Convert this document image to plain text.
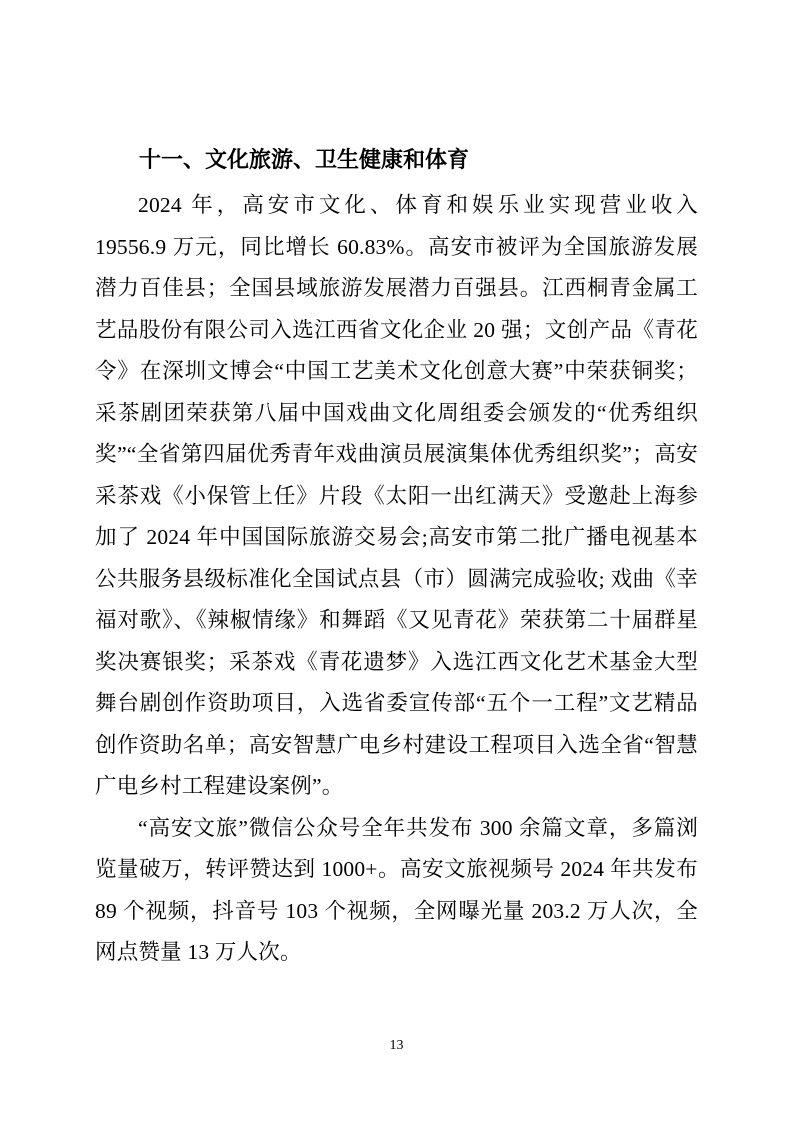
十一、文化旅游、卫生健康和体育

2024 年，高安市文化、体育和娱乐业实现营业收入 19556.9 万元，同比增长 60.83%。高安市被评为全国旅游发展潜力百佳县；全国县域旅游发展潜力百强县。江西桐青金属工艺品股份有限公司入选江西省文化企业 20 强；文创产品《青花令》在深圳文博会“中国工艺美术文化创意大赛”中荣获铜奖；采茶剧团荣获第八届中国戏曲文化周组委会颁发的“优秀组织奖”“全省第四届优秀青年戏曲演员展演集体优秀组织奖”；高安采茶戏《小保管上任》片段《太阳一出红满天》受邀赴上海参加了 2024 年中国国际旅游交易会;高安市第二批广播电视基本公共服务县级标准化全国试点县（市）圆满完成验收; 戏曲《幸福对歌》、《辣椒情缘》和舞蹈《又见青花》荣获第二十届群星奖决赛银奖；采茶戏《青花遗梦》入选江西文化艺术基金大型舞台剧创作资助项目，入选省委宣传部“五个一工程”文艺精品创作资助名单；高安智慧广电乡村建设工程项目入选全省“智慧广电乡村工程建设案例”。

“高安文旅”微信公众号全年共发布 300 余篇文章，多篇浏览量破万，转评赞达到 1000+。高安文旅视频号 2024 年共发布 89 个视频，抖音号 103 个视频，全网曝光量 203.2 万人次，全网点赞量 13 万人次。

13
